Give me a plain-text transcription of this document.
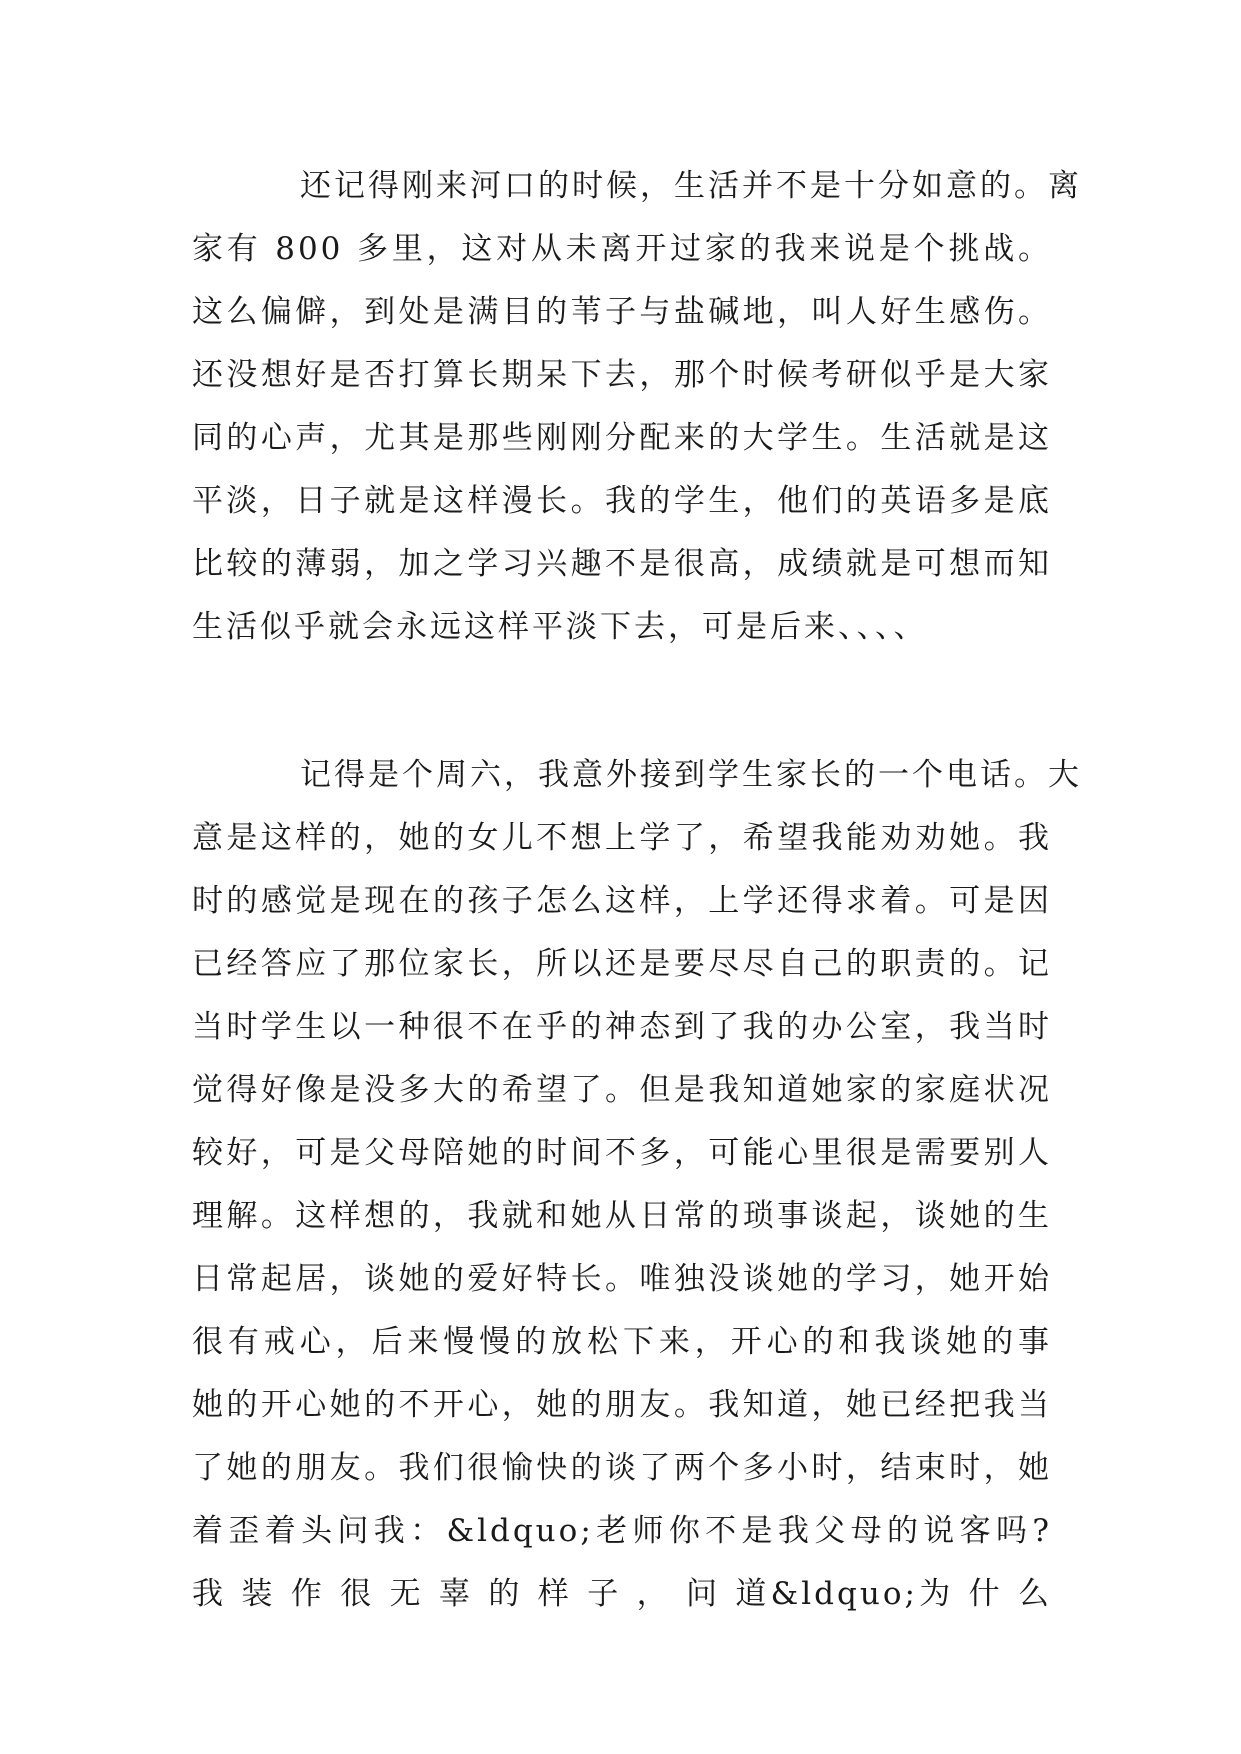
还记得刚来河口的时候，生活并不是十分如意的。离
家有 800 多里，这对从未离开过家的我来说是个挑战。
这么偏僻，到处是满目的苇子与盐碱地，叫人好生感伤。
还没想好是否打算长期呆下去，那个时候考研似乎是大家
同的心声，尤其是那些刚刚分配来的大学生。生活就是这
平淡，日子就是这样漫长。我的学生，他们的英语多是底
比较的薄弱，加之学习兴趣不是很高，成绩就是可想而知
生活似乎就会永远这样平淡下去，可是后来、、、、
记得是个周六，我意外接到学生家长的一个电话。大
意是这样的，她的女儿不想上学了，希望我能劝劝她。我
时的感觉是现在的孩子怎么这样，上学还得求着。可是因
已经答应了那位家长，所以还是要尽尽自己的职责的。记
当时学生以一种很不在乎的神态到了我的办公室，我当时
觉得好像是没多大的希望了。但是我知道她家的家庭状况
较好，可是父母陪她的时间不多，可能心里很是需要别人
理解。这样想的，我就和她从日常的琐事谈起，谈她的生
日常起居，谈她的爱好特长。唯独没谈她的学习，她开始
很有戒心，后来慢慢的放松下来，开心的和我谈她的事
她的开心她的不开心，她的朋友。我知道，她已经把我当
了她的朋友。我们很愉快的谈了两个多小时，结束时，她
着歪着头问我：&ldquo;老师你不是我父母的说客吗?
我 装 作 很 无 辜 的 样 子 ， 问 道&ldquo;为 什 么
